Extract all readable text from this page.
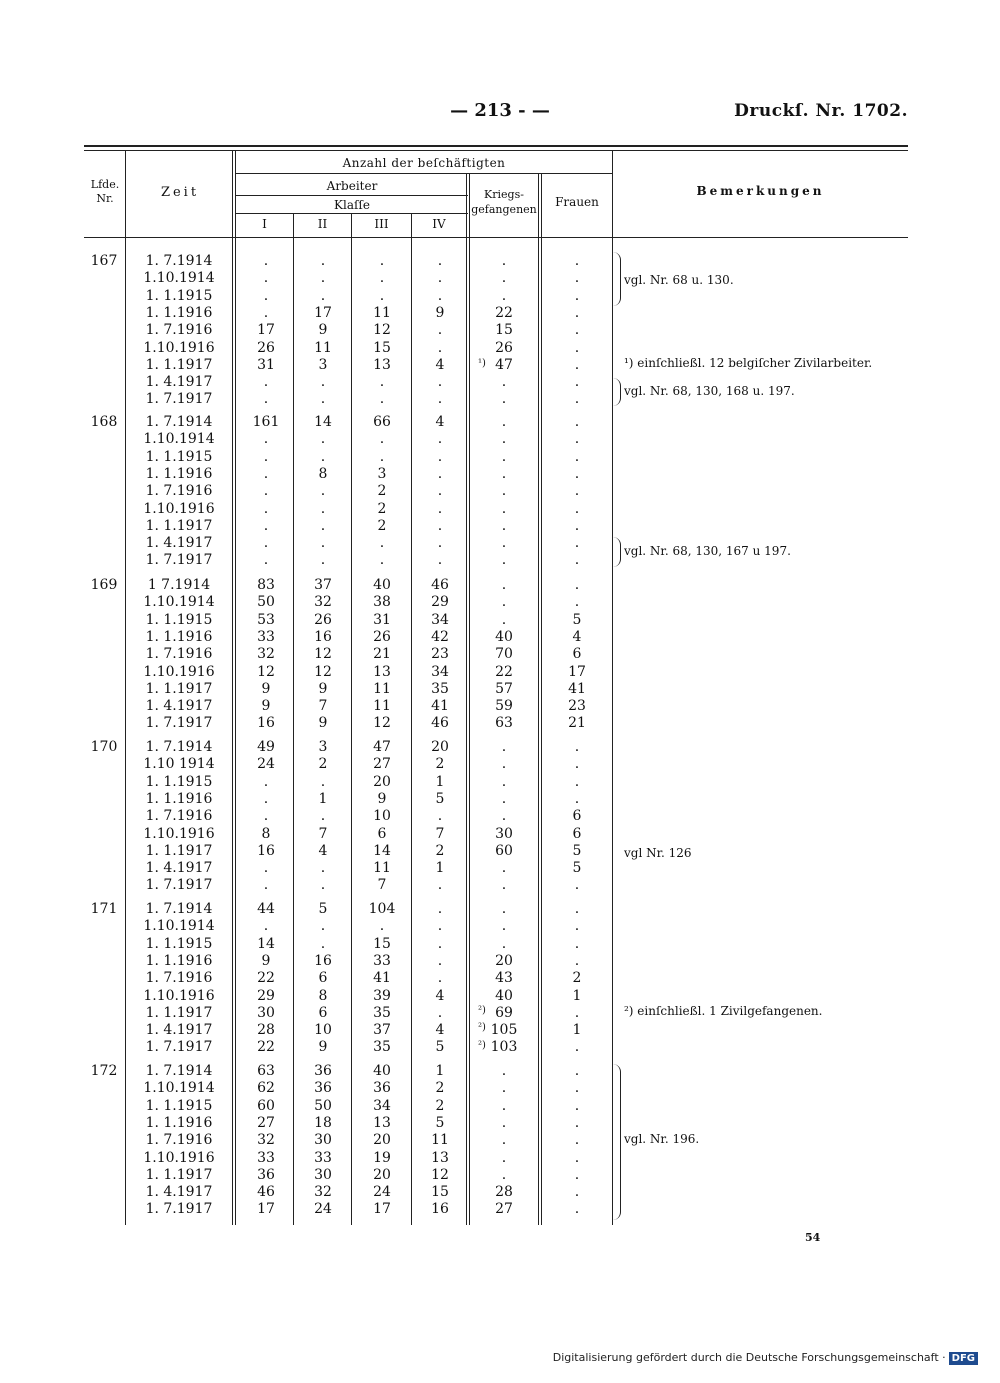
— 213 - —	Druckſ. Nr. 1702.
Lfde.
Nr.	Zeit
Anzahl der beſchäftigten
Arbeiter
Klaſſe
I	II	III	IV
Kriegs-
gefangenen
Frauen
Bemerkungen
167	1. 7.1914	.	.	.	.	.	.
1.10.1914	.	.	.	.	.	.
1. 1.1915	.	.	.	.	.	.
1. 1.1916	.	17	11	9	22	.
1. 7.1916	17	9	12	.	15	.
1.10.1916	26	11	15	.	26	.
1. 1.1917	31	3	13	4	47	.
1. 4.1917	.	.	.	.	.	.
1. 7.1917	.	.	.	.	.	.
168	1. 7.1914	161	14	66	4	.	.
1.10.1914	.	.	.	.	.	.
1. 1.1915	.	.	.	.	.	.
1. 1.1916	.	8	3	.	.	.
1. 7.1916	.	.	2	.	.	.
1.10.1916	.	.	2	.	.	.
1. 1.1917	.	.	2	.	.	.
1. 4.1917	.	.	.	.	.	.
1. 7.1917	.	.	.	.	.	.
169	1 7.1914	83	37	40	46	.	.
1.10.1914	50	32	38	29	.	.
1. 1.1915	53	26	31	34	.	5
1. 1.1916	33	16	26	42	40	4
1. 7.1916	32	12	21	23	70	6
1.10.1916	12	12	13	34	22	17
1. 1.1917	9	9	11	35	57	41
1. 4.1917	9	7	11	41	59	23
1. 7.1917	16	9	12	46	63	21
170	1. 7.1914	49	3	47	20	.	.
1.10 1914	24	2	27	2	.	.
1. 1.1915	.	.	20	1	.	.
1. 1.1916	.	1	9	5	.	.
1. 7.1916	.	.	10	.	.	6
1.10.1916	8	7	6	7	30	6
1. 1.1917	16	4	14	2	60	5
1. 4.1917	.	.	11	1	.	5
1. 7.1917	.	.	7	.	.	.
171	1. 7.1914	44	5	104	.	.	.
1.10.1914	.	.	.	.	.	.
1. 1.1915	14	.	15	.	.	.
1. 1.1916	9	16	33	.	20	.
1. 7.1916	22	6	41	.	43	2
1.10.1916	29	8	39	4	40	1
1. 1.1917	30	6	35	.	69	.
1. 4.1917	28	10	37	4	105	1
1. 7.1917	22	9	35	5	103	.
172	1. 7.1914	63	36	40	1	.	.
1.10.1914	62	36	36	2	.	.
1. 1.1915	60	50	34	2	.	.
1. 1.1916	27	18	13	5	.	.
1. 7.1916	32	30	20	11	.	.
1.10.1916	33	33	19	13	.	.
1. 1.1917	36	30	20	12	.	.
1. 4.1917	46	32	24	15	28	.
1. 7.1917	17	24	17	16	27	.
¹)
²)
²)
²)
vgl. Nr. 68 u. 130.
¹) einſchließl. 12 belgiſcher Zivilarbeiter.
vgl. Nr. 68, 130, 168 u. 197.
vgl. Nr. 68, 130, 167 u 197.
vgl Nr. 126
²) einſchließl. 1 Zivilgefangenen.
vgl. Nr. 196.
54
Digitalisierung gefördert durch die Deutsche Forschungsgemeinschaft · DFG
